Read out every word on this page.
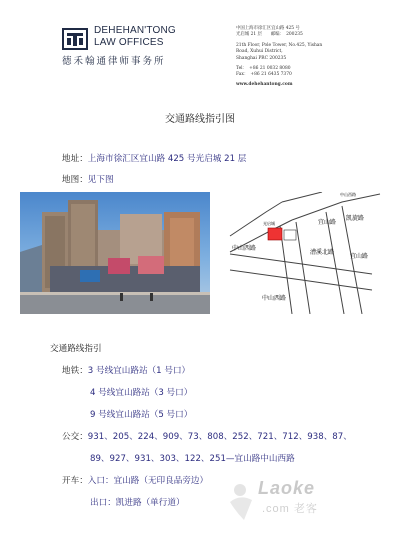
DEHEHAN'TONG
LAW OFFICES
德禾翰通律师事务所
中国上海市徐汇区宜山路 425 号
光启城 21 层　　邮编：　200235
21th Floor, Pole Tower, No.425, Yishan
Road, Xuhui District,
Shanghai PRC 200235
Tel：　+86 21 0032 8080
Fax：　+86 21 6435 7370
www.dehehantong.com
交通路线指引图
地址：上海市徐汇区宜山路 425 号光启城 21 层
地图：见下图
光启城
中山西路
宜山路
凯旋路
宜山路
漕溪北路
中山西路
中山西路
交通路线指引
地铁：3 号线宜山路站（1 号口）
4 号线宜山路站（3 号口）
9 号线宜山路站（5 号口）
公交：931、205、224、909、73、808、252、721、712、938、87、
89、927、931、303、122、251—宜山路中山西路
开车：入口：宜山路（无印良品旁边）
出口：凯进路（单行道）
Laoke
.com 老客
